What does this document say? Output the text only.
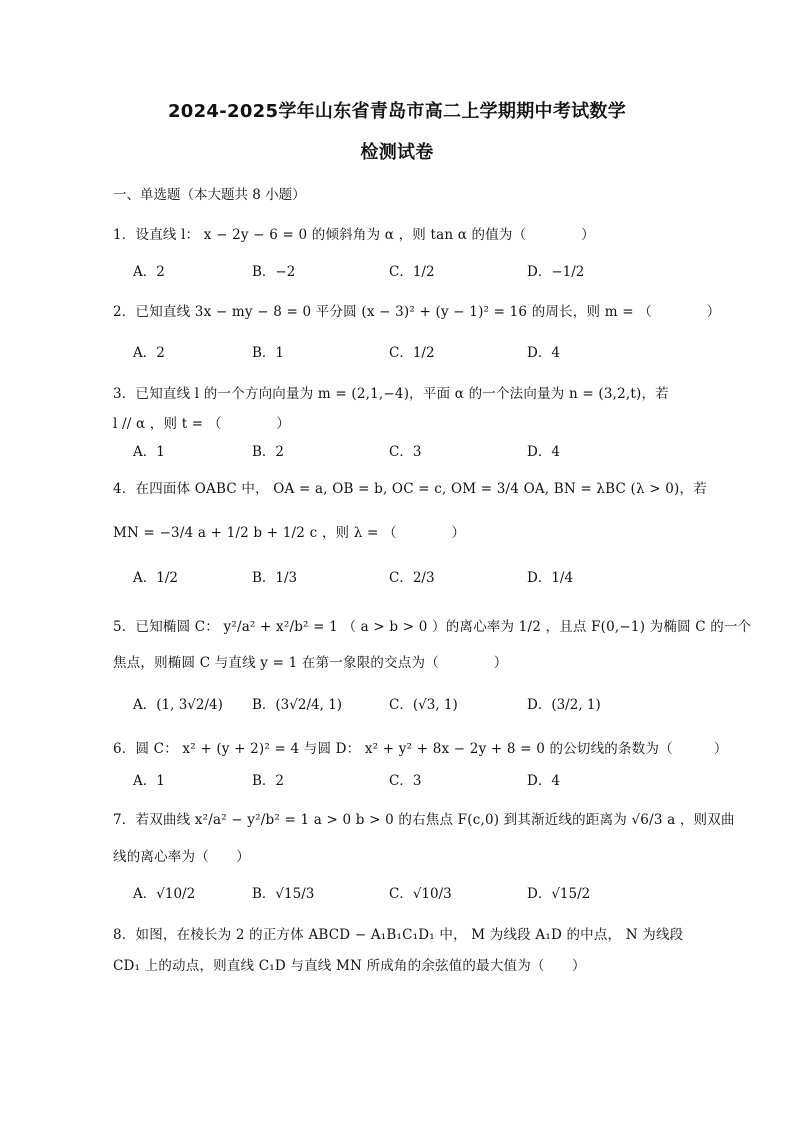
2024-2025学年山东省青岛市高二上学期期中考试数学
检测试卷
一、单选题（本大题共 8 小题）
1．设直线 l： x − 2y − 6 = 0 的倾斜角为 α ，则 tan α 的值为（　　　　）
A．2	B．−2	C．1/2	D．−1/2
2．已知直线 3x − my − 8 = 0 平分圆 (x − 3)² + (y − 1)² = 16 的周长，则 m = （　　　　）
A．2	B．1	C．1/2	D．4
3．已知直线 l 的一个方向向量为 m = (2,1,−4)，平面 α 的一个法向量为 n = (3,2,t)，若
l // α ，则 t = （　　　　）
A．1	B．2	C．3	D．4
4．在四面体 OABC 中， OA = a, OB = b, OC = c, OM = 3/4 OA, BN = λBC (λ > 0)，若
MN = −3/4 a + 1/2 b + 1/2 c ，则 λ = （　　　　）
A．1/2	B．1/3	C．2/3	D．1/4
5．已知椭圆 C： y²/a² + x²/b² = 1 （ a > b > 0 ）的离心率为 1/2 ，且点 F(0,−1) 为椭圆 C 的一个
焦点，则椭圆 C 与直线 y = 1 在第一象限的交点为（　　　　）
A．(1, 3√2/4) B．(3√2/4, 1)	C．(√3, 1)	D．(3/2, 1)
6．圆 C： x² + (y + 2)² = 4 与圆 D： x² + y² + 8x − 2y + 8 = 0 的公切线的条数为（　　　）
A．1	B．2	C．3	D．4
7．若双曲线 x²/a² − y²/b² = 1 a > 0 b > 0 的右焦点 F(c,0) 到其渐近线的距离为 √6/3 a ，则双曲
线的离心率为（　　）
A．√10/2	B．√15/3	C．√10/3	D．√15/2
8．如图，在棱长为 2 的正方体 ABCD − A₁B₁C₁D₁ 中， M 为线段 A₁D 的中点， N 为线段
CD₁ 上的动点，则直线 C₁D 与直线 MN 所成角的余弦值的最大值为（　　）
